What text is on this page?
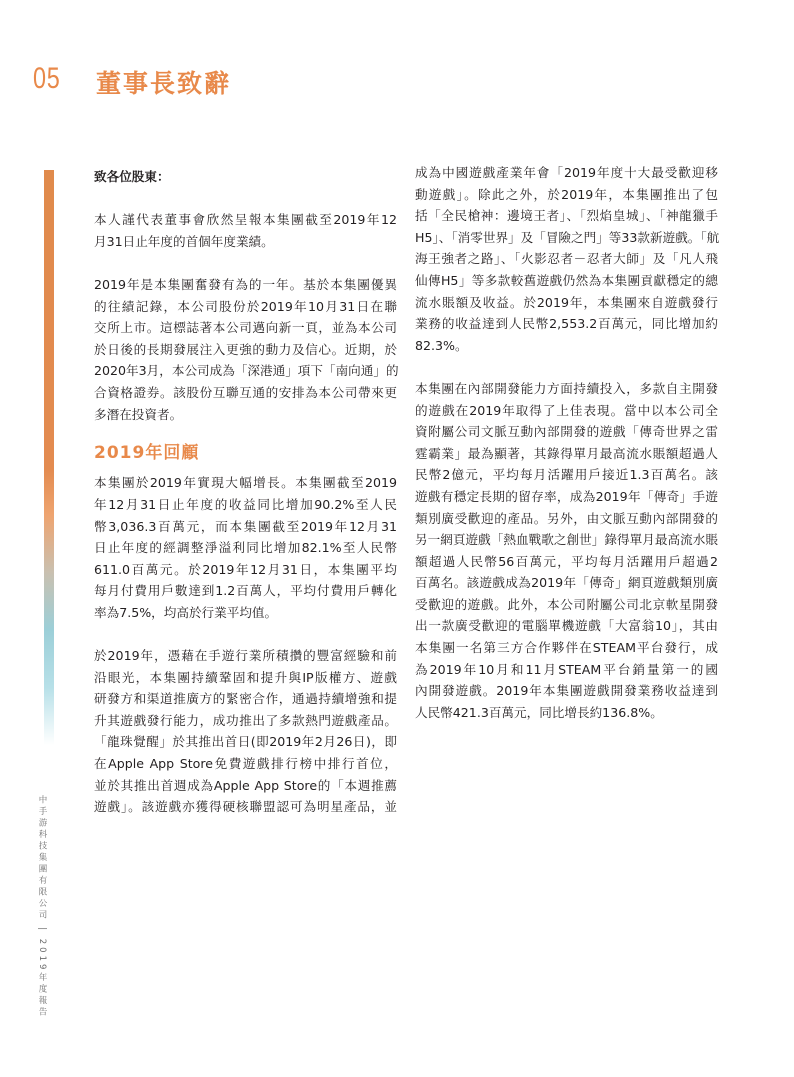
05 董事長致辭
中手游科技集團有限公司 | 2019年度報告
致各位股東：
本人謹代表董事會欣然呈報本集團截至2019年12
月31日止年度的首個年度業績。
2019年是本集團奮發有為的一年。基於本集團優異
的往績記錄，本公司股份於2019年10月31日在聯
交所上市。這標誌著本公司邁向新一頁，並為本公司
於日後的長期發展注入更強的動力及信心。近期，於
2020年3月，本公司成為「深港通」項下「南向通」的
合資格證券。該股份互聯互通的安排為本公司帶來更
多潛在投資者。
2019年回顧
本集團於2019年實現大幅增長。本集團截至2019
年12月31日止年度的收益同比增加90.2%至人民
幣3,036.3百萬元，而本集團截至2019年12月31
日止年度的經調整淨溢利同比增加82.1%至人民幣
611.0百萬元。於2019年12月31日，本集團平均
每月付費用戶數達到1.2百萬人，平均付費用戶轉化
率為7.5%，均高於行業平均值。
於2019年，憑藉在手遊行業所積攢的豐富經驗和前
沿眼光，本集團持續鞏固和提升與IP版權方、遊戲
研發方和渠道推廣方的緊密合作，通過持續增強和提
升其遊戲發行能力，成功推出了多款熱門遊戲產品。
「龍珠覺醒」於其推出首日(即2019年2月26日)，即
在Apple App Store免費遊戲排行榜中排行首位，
並於其推出首週成為Apple App Store的「本週推薦
遊戲」。該遊戲亦獲得硬核聯盟認可為明星產品，並
成為中國遊戲產業年會「2019年度十大最受歡迎移
動遊戲」。除此之外，於2019年，本集團推出了包
括「全民槍神：邊境王者」、「烈焰皇城」、「神龍獵手
H5」、「消零世界」及「冒險之門」等33款新遊戲。「航
海王強者之路」、「火影忍者－忍者大師」及「凡人飛
仙傳H5」等多款較舊遊戲仍然為本集團貢獻穩定的總
流水賬額及收益。於2019年，本集團來自遊戲發行
業務的收益達到人民幣2,553.2百萬元，同比增加約
82.3%。
本集團在內部開發能力方面持續投入，多款自主開發
的遊戲在2019年取得了上佳表現。當中以本公司全
資附屬公司文脈互動內部開發的遊戲「傳奇世界之雷
霆霸業」最為顯著，其錄得單月最高流水賬額超過人
民幣2億元，平均每月活躍用戶接近1.3百萬名。該
遊戲有穩定長期的留存率，成為2019年「傳奇」手遊
類別廣受歡迎的產品。另外，由文脈互動內部開發的
另一網頁遊戲「熱血戰歌之創世」錄得單月最高流水賬
額超過人民幣56百萬元，平均每月活躍用戶超過2
百萬名。該遊戲成為2019年「傳奇」網頁遊戲類別廣
受歡迎的遊戲。此外，本公司附屬公司北京軟星開發
出一款廣受歡迎的電腦單機遊戲「大富翁10」，其由
本集團一名第三方合作夥伴在STEAM平台發行，成
為2019年10月和11月STEAM平台銷量第一的國
內開發遊戲。2019年本集團遊戲開發業務收益達到
人民幣421.3百萬元，同比增長約136.8%。
